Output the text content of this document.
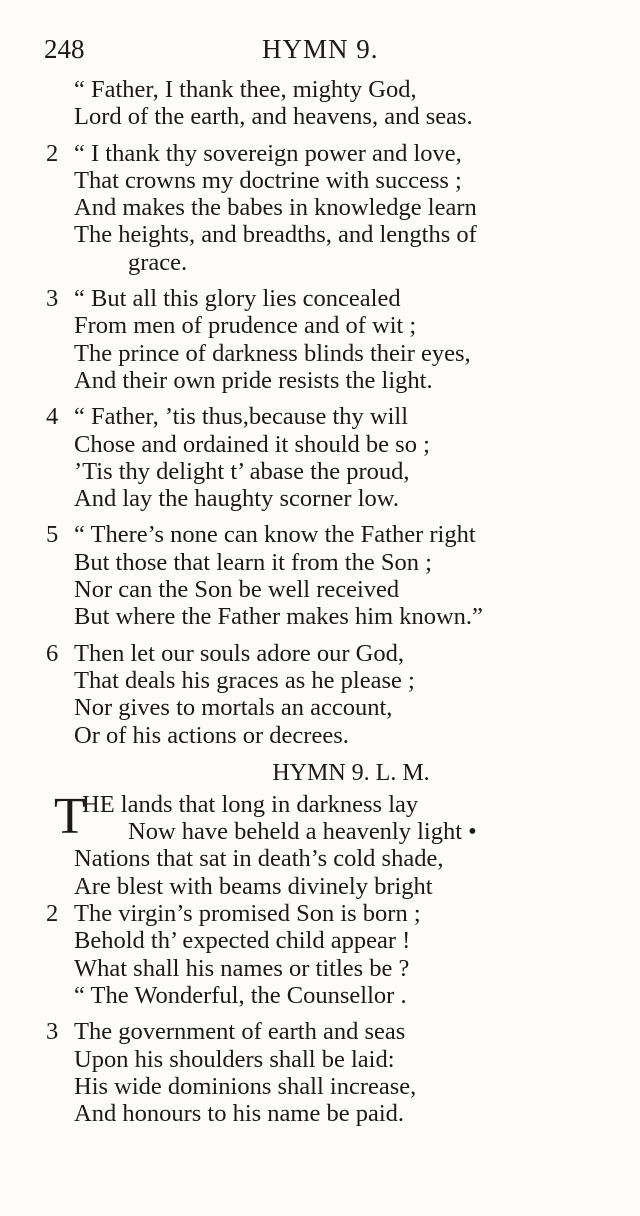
248	HYMN 9.
“ Father, I thank thee, mighty God,
Lord of the earth, and heavens, and seas.
2 “ I thank thy sovereign power and love,
That crowns my doctrine with success ;
And makes the babes in knowledge learn
The heights, and breadths, and lengths of
grace.
3 “ But all this glory lies concealed
From men of prudence and of wit ;
The prince of darkness blinds their eyes,
And their own pride resists the light.
4 “ Father, ’tis thus,because thy will
Chose and ordained it should be so ;
’Tis thy delight t’ abase the proud,
And lay the haughty scorner low.
5 “ There’s none can know the Father right
But those that learn it from the Son ;
Nor can the Son be well received
But where the Father makes him known.”
6 Then let our souls adore our God,
That deals his graces as he please ;
Nor gives to mortals an account,
Or of his actions or decrees.
HYMN 9. L. M.
T
HE lands that long in darkness lay
Now have beheld a heavenly light •
Nations that sat in death’s cold shade,
Are blest with beams divinely bright
2 The virgin’s promised Son is born ;
Behold th’ expected child appear !
What shall his names or titles be ?
“ The Wonderful, the Counsellor .
3 The government of earth and seas
Upon his shoulders shall be laid:
His wide dominions shall increase,
And honours to his name be paid.
